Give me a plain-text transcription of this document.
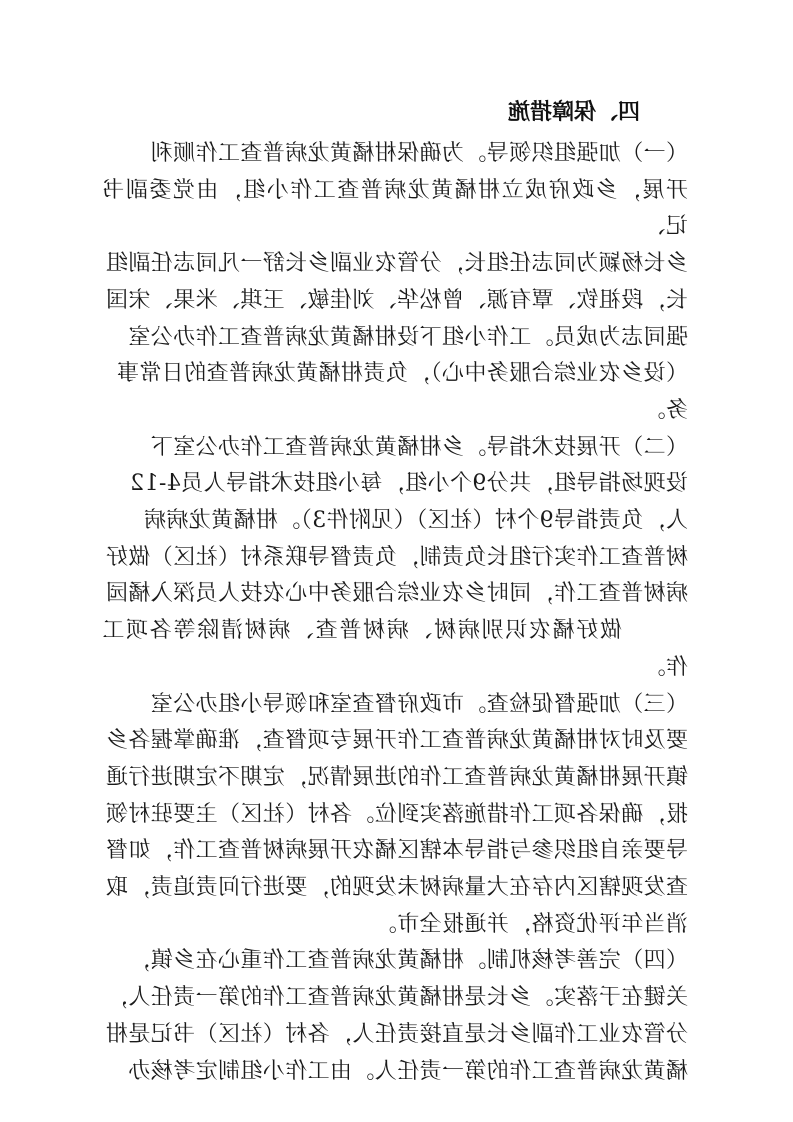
四、保障措施

（一）加强组织领导。为确保柑橘黄龙病普查工作顺利

开展，乡政府成立柑橘黄龙病普查工作小组，由党委副书记、

乡长杨颖为同志任组长，分管农业副乡长舒一凡同志任副组

长，段祖钦、覃有源、曾松华、刘佳敏、王琪、米果、宋国

强同志为成员。工作小组下设柑橘黄龙病普查工作办公室

（设乡农业综合服务中心），负责柑橘黄龙病普查的日常事

务。

（二）开展技术指导。乡柑橘黄龙病普查工作办公室下

设现场指导组，共分9个小组，每小组技术指导人员4-12

人，负责指导9个村（社区）（见附件3）。柑橘黄龙病病

树普查工作实行组长负责制，负责督导联系村（社区）做好

病树普查工作，同时乡农业综合服务中心农技人员深入橘园

做好橘农识别病树、病树普查、病树清除等各项工作。

（三）加强督促检查。市政府督查室和领导小组办公室

要及时对柑橘黄龙病普查工作开展专项督查，准确掌握各乡

镇开展柑橘黄龙病普查工作的进展情况，定期不定期进行通

报，确保各项工作措施落实到位。各村（社区）主要驻村领

导要亲自组织参与指导本辖区橘农开展病树普查工作，如督

查发现辖区内存在大量病树未发现的，要进行问责追责，取

消当年评优资格，并通报全市。

（四）完善考核机制。柑橘黄龙病普查工作重心在乡镇，

关键在于落实。乡长是柑橘黄龙病普查工作的第一责任人，

分管农业工作副乡长是直接责任人，各村（社区）书记是柑

橘黄龙病普查工作的第一责任人。由工作小组制定考核办
